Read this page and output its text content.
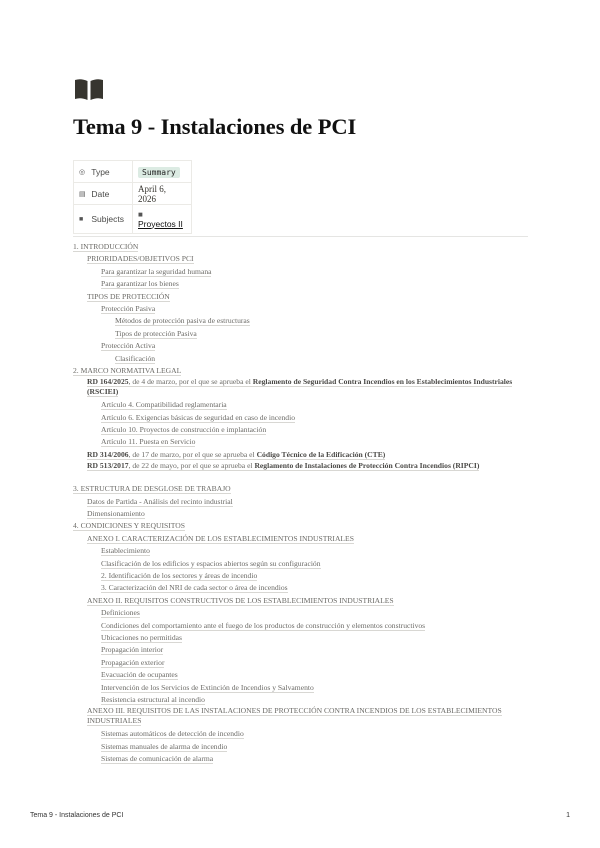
Tema 9 - Instalaciones de PCI
◎ Type	Summary
▤ Date	April 6, 2026
■ Subjects	■
Proyectos II
1. INTRODUCCIÓN
PRIORIDADES/OBJETIVOS PCI
Para garantizar la seguridad humana
Para garantizar los bienes
TIPOS DE PROTECCIÓN
Protección Pasiva
Métodos de protección pasiva de estructuras
Tipos de protección Pasiva
Protección Activa
Clasificación
2. MARCO NORMATIVA LEGAL
RD 164/2025, de 4 de marzo, por el que se aprueba el Reglamento de Seguridad Contra Incendios en los Establecimientos Industriales (RSCIEI)
Artículo 4. Compatibilidad reglamentaria
Artículo 6. Exigencias básicas de seguridad en caso de incendio
Artículo 10. Proyectos de construcción e implantación
Artículo 11. Puesta en Servicio
RD 314/2006, de 17 de marzo, por el que se aprueba el Código Técnico de la Edificación (CTE)
RD 513/2017, de 22 de mayo, por el que se aprueba el Reglamento de Instalaciones de Protección Contra Incendios (RIPCI)
3. ESTRUCTURA DE DESGLOSE DE TRABAJO
Datos de Partida - Análisis del recinto industrial
Dimensionamiento
4. CONDICIONES Y REQUISITOS
ANEXO I. CARACTERIZACIÓN DE LOS ESTABLECIMIENTOS INDUSTRIALES
Establecimiento
Clasificación de los edificios y espacios abiertos según su configuración
2. Identificación de los sectores y áreas de incendio
3. Caracterización del NRI de cada sector o área de incendios
ANEXO II. REQUISITOS CONSTRUCTIVOS DE LOS ESTABLECIMIENTOS INDUSTRIALES
Definiciones
Condiciones del comportamiento ante el fuego de los productos de construcción y elementos constructivos
Ubicaciones no permitidas
Propagación interior
Propagación exterior
Evacuación de ocupantes
Intervención de los Servicios de Extinción de Incendios y Salvamento
Resistencia estructural al incendio
ANEXO III. REQUISITOS DE LAS INSTALACIONES DE PROTECCIÓN CONTRA INCENDIOS DE LOS ESTABLECIMIENTOS INDUSTRIALES
Sistemas automáticos de detección de incendio
Sistemas manuales de alarma de incendio
Sistemas de comunicación de alarma
Tema 9 - Instalaciones de PCI	1
